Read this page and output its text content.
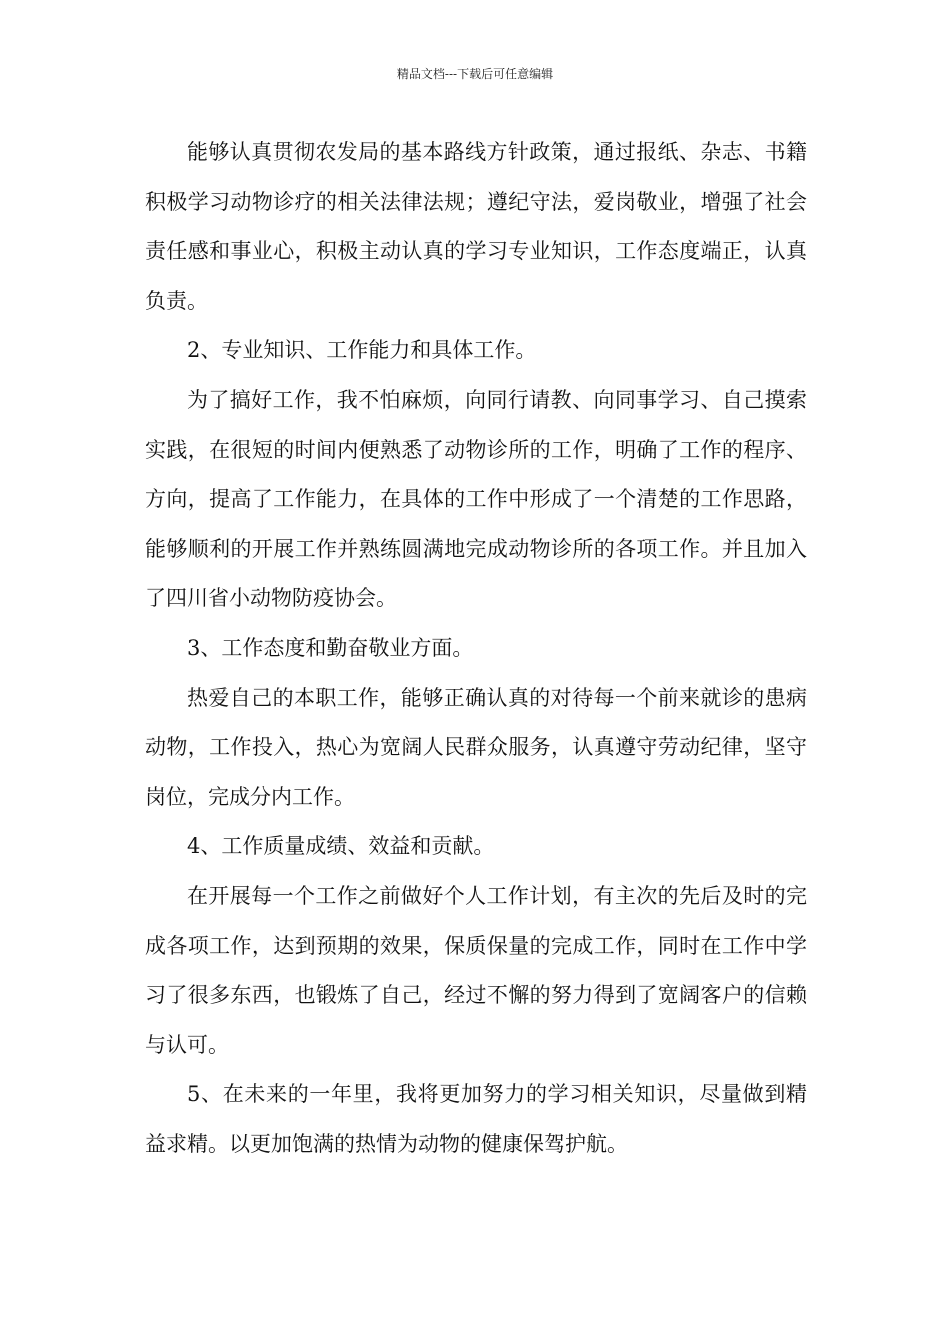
精品文档---下载后可任意编辑

能够认真贯彻农发局的基本路线方针政策，通过报纸、杂志、书籍积极学习动物诊疗的相关法律法规；遵纪守法，爱岗敬业，增强了社会责任感和事业心，积极主动认真的学习专业知识，工作态度端正，认真负责。

2、专业知识、工作能力和具体工作。

为了搞好工作，我不怕麻烦，向同行请教、向同事学习、自己摸索实践，在很短的时间内便熟悉了动物诊所的工作，明确了工作的程序、方向，提高了工作能力，在具体的工作中形成了一个清楚的工作思路，能够顺利的开展工作并熟练圆满地完成动物诊所的各项工作。并且加入了四川省小动物防疫协会。

3、工作态度和勤奋敬业方面。

热爱自己的本职工作，能够正确认真的对待每一个前来就诊的患病动物，工作投入，热心为宽阔人民群众服务，认真遵守劳动纪律，坚守岗位，完成分内工作。

4、工作质量成绩、效益和贡献。

在开展每一个工作之前做好个人工作计划，有主次的先后及时的完成各项工作，达到预期的效果，保质保量的完成工作，同时在工作中学习了很多东西，也锻炼了自己，经过不懈的努力得到了宽阔客户的信赖与认可。

5、在未来的一年里，我将更加努力的学习相关知识，尽量做到精益求精。以更加饱满的热情为动物的健康保驾护航。
